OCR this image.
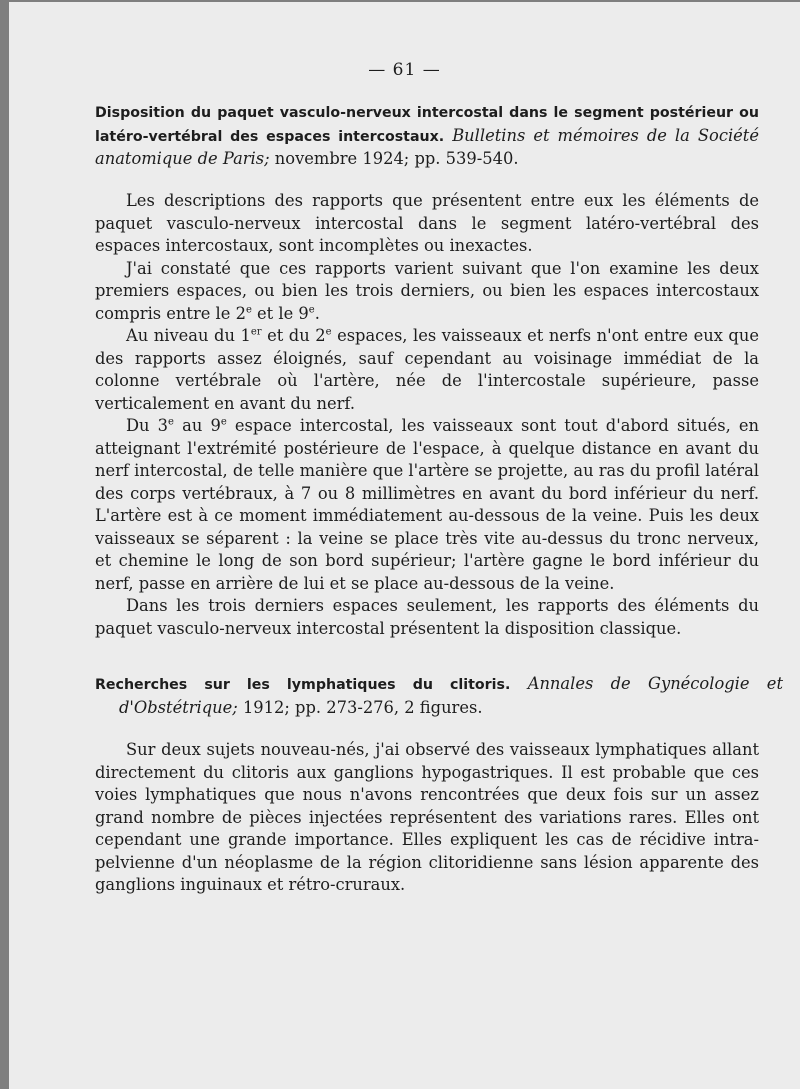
— 61 —
Disposition du paquet vasculo-nerveux intercostal dans le segment postérieur ou latéro-vertébral des espaces intercostaux. Bulletins et mémoires de la Société anatomique de Paris; novembre 1924; pp. 539-540.

Les descriptions des rapports que présentent entre eux les éléments de paquet vasculo-nerveux intercostal dans le segment latéro-vertébral des espaces intercostaux, sont incomplètes ou inexactes.

J'ai constaté que ces rapports varient suivant que l'on examine les deux premiers espaces, ou bien les trois derniers, ou bien les espaces intercostaux compris entre le 2e et le 9e.

Au niveau du 1er et du 2e espaces, les vaisseaux et nerfs n'ont entre eux que des rapports assez éloignés, sauf cependant au voisinage immédiat de la colonne vertébrale où l'artère, née de l'intercostale supérieure, passe verticalement en avant du nerf.

Du 3e au 9e espace intercostal, les vaisseaux sont tout d'abord situés, en atteignant l'extrémité postérieure de l'espace, à quelque distance en avant du nerf intercostal, de telle manière que l'artère se projette, au ras du profil latéral des corps vertébraux, à 7 ou 8 millimètres en avant du bord inférieur du nerf. L'artère est à ce moment immédiatement au-dessous de la veine. Puis les deux vaisseaux se séparent : la veine se place très vite au-dessus du tronc nerveux, et chemine le long de son bord supérieur; l'artère gagne le bord inférieur du nerf, passe en arrière de lui et se place au-dessous de la veine.

Dans les trois derniers espaces seulement, les rapports des éléments du paquet vasculo-nerveux intercostal présentent la disposition classique.

Recherches sur les lymphatiques du clitoris. Annales de Gynécologie et d'Obstétrique; 1912; pp. 273-276, 2 figures.

Sur deux sujets nouveau-nés, j'ai observé des vaisseaux lymphatiques allant directement du clitoris aux ganglions hypogastriques. Il est probable que ces voies lymphatiques que nous n'avons rencontrées que deux fois sur un assez grand nombre de pièces injectées représentent des variations rares. Elles ont cependant une grande importance. Elles expliquent les cas de récidive intra-pelvienne d'un néoplasme de la région clitoridienne sans lésion apparente des ganglions inguinaux et rétro-cruraux.
